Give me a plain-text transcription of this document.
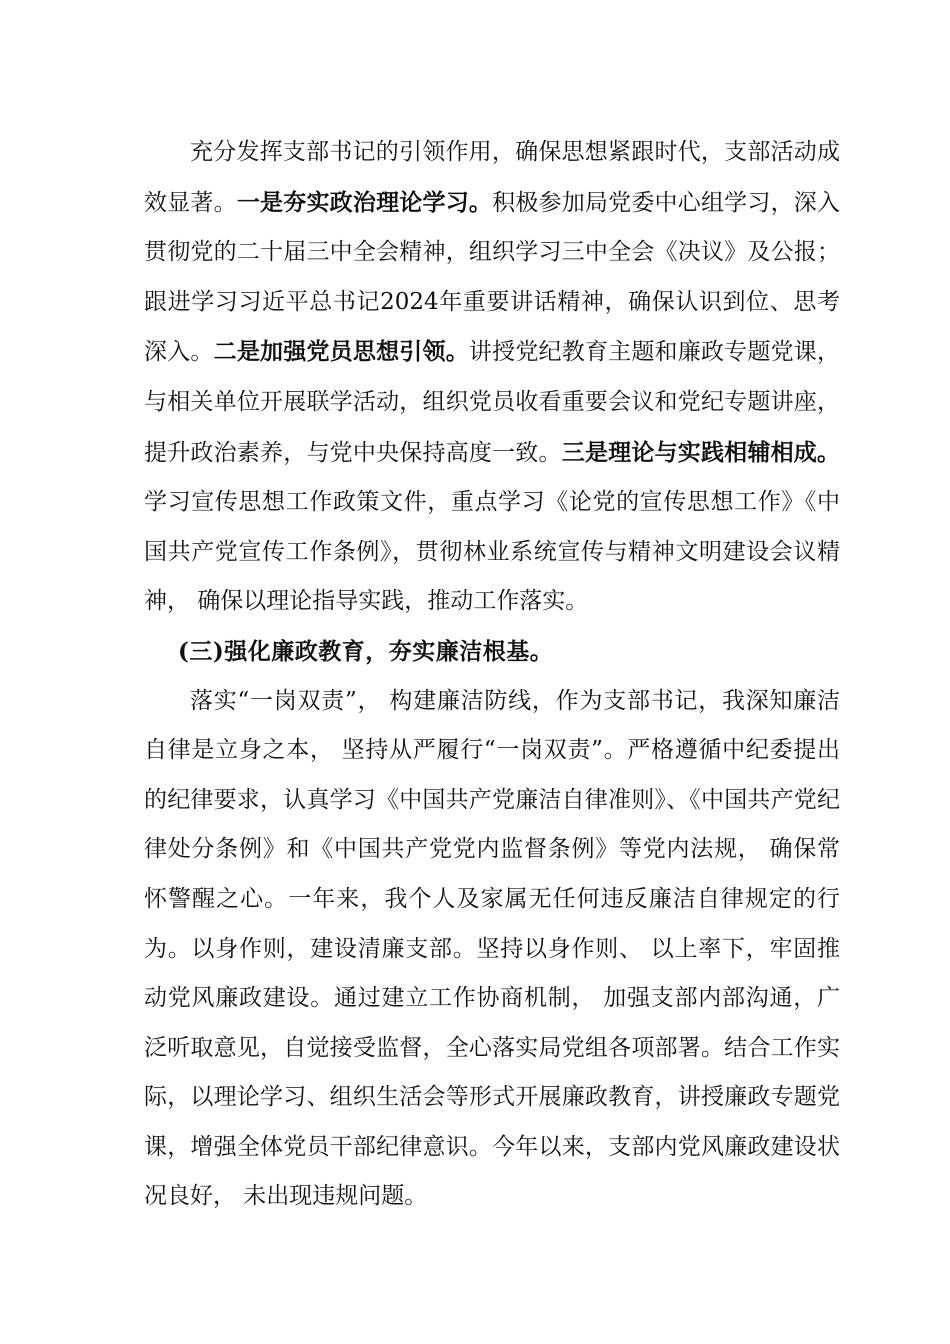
充分发挥支部书记的引领作用，确保思想紧跟时代，支部活动成效显著。一是夯实政治理论学习。积极参加局党委中心组学习，深入贯彻党的二十届三中全会精神，组织学习三中全会《决议》及公报； 跟进学习习近平总书记2024年重要讲话精神，确保认识到位、思考深入。二是加强党员思想引领。讲授党纪教育主题和廉政专题党课，与相关单位开展联学活动，组织党员收看重要会议和党纪专题讲座，提升政治素养，与党中央保持高度一致。三是理论与实践相辅相成。学习宣传思想工作政策文件，重点学习《论党的宣传思想工作》《中国共产党宣传工作条例》，贯彻林业系统宣传与精神文明建设会议精神， 确保以理论指导实践，推动工作落实。

(三)强化廉政教育，夯实廉洁根基。

落实“一岗双责”， 构建廉洁防线，作为支部书记，我深知廉洁自律是立身之本， 坚持从严履行“一岗双责”。严格遵循中纪委提出的纪律要求，认真学习《中国共产党廉洁自律准则》、《中国共产党纪律处分条例》和《中国共产党党内监督条例》等党内法规， 确保常怀警醒之心。一年来，我个人及家属无任何违反廉洁自律规定的行为。以身作则，建设清廉支部。坚持以身作则、 以上率下，牢固推动党风廉政建设。通过建立工作协商机制， 加强支部内部沟通，广泛听取意见，自觉接受监督，全心落实局党组各项部署。结合工作实际，以理论学习、组织生活会等形式开展廉政教育，讲授廉政专题党课，增强全体党员干部纪律意识。今年以来，支部内党风廉政建设状况良好， 未出现违规问题。
